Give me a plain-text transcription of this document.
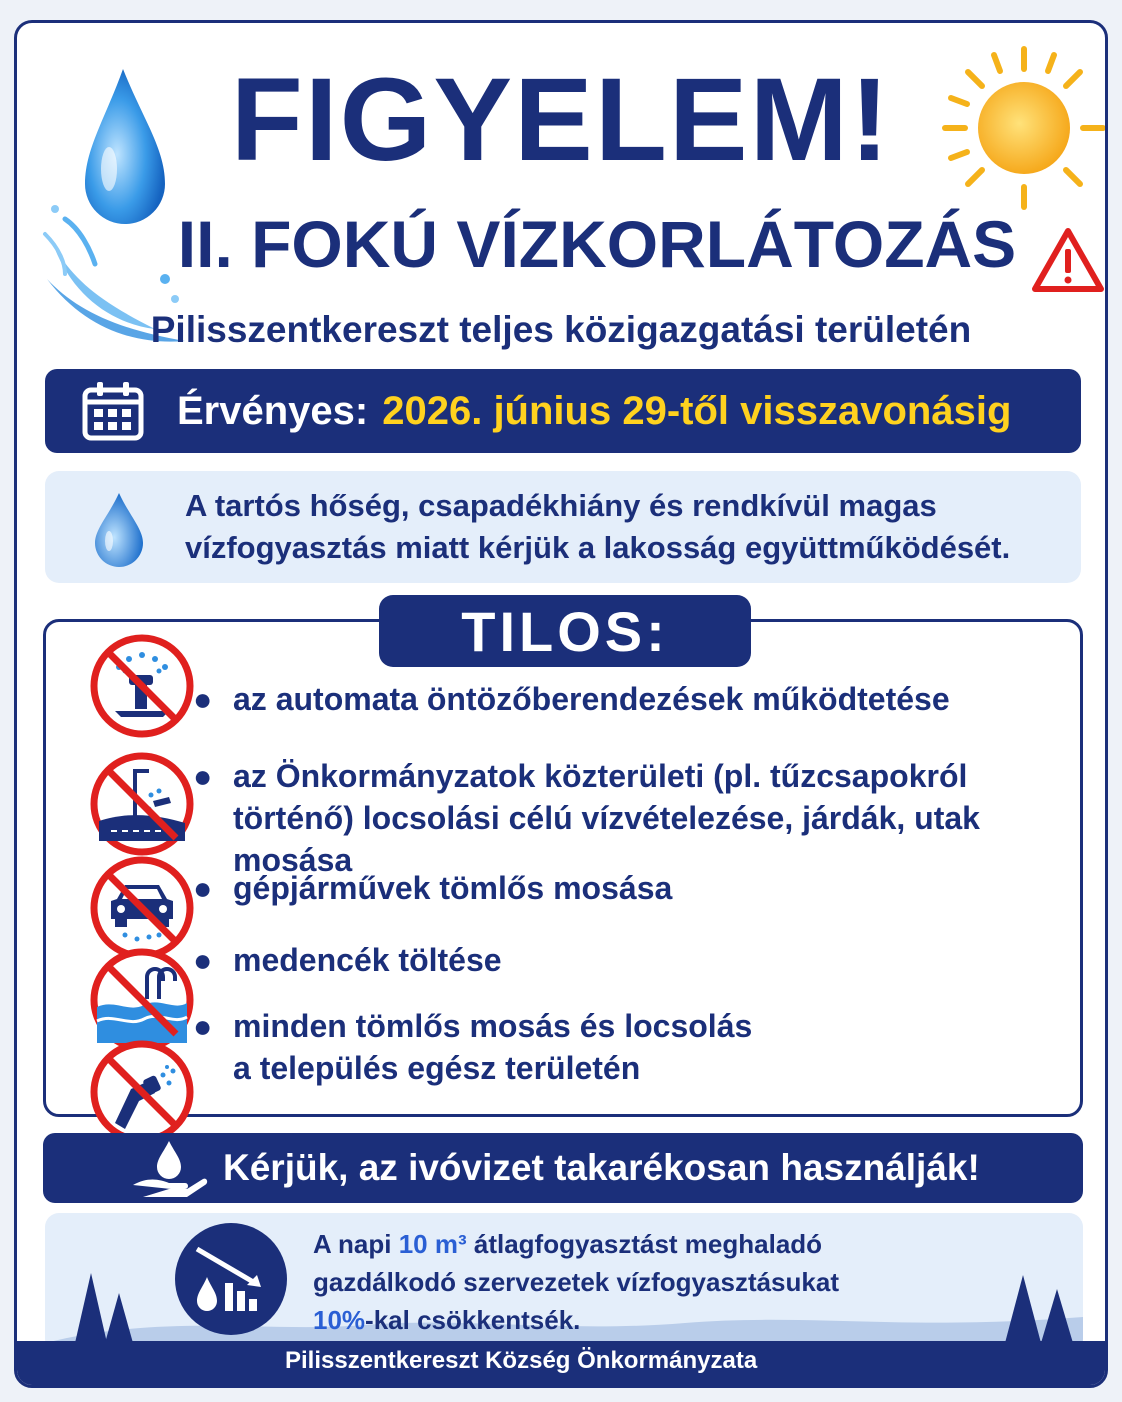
FIGYELEM!
II. FOKÚ VÍZKORLÁTOZÁS
Pilisszentkereszt teljes közigazgatási területén
Érvényes: 2026. június 29-től visszavonásig
A tartós hőség, csapadékhiány és rendkívül magas
vízfogyasztás miatt kérjük a lakosság együttműködését.
TILOS:
● az automata öntözőberendezések működtetése
● az Önkormányzatok közterületi (pl. tűzcsapokról
történő) locsolási célú vízvételezése, járdák, utak mosása
● gépjárművek tömlős mosása
● medencék töltése
● minden tömlős mosás és locsolás
a település egész területén
Kérjük, az ivóvizet takarékosan használják!
A napi 10 m³ átlagfogyasztást meghaladó
gazdálkodó szervezetek vízfogyasztásukat
10%-kal csökkentsék.
Pilisszentkereszt Község Önkormányzata
